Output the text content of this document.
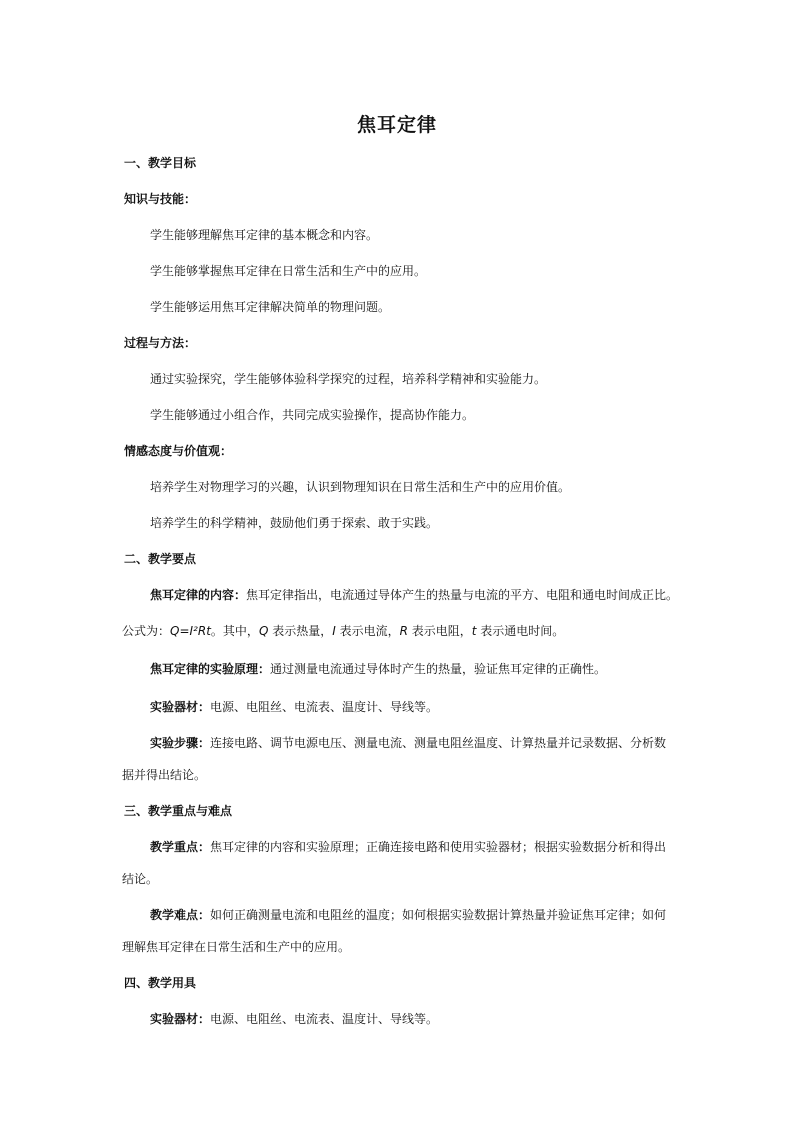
焦耳定律
一、教学目标
知识与技能：
学生能够理解焦耳定律的基本概念和内容。
学生能够掌握焦耳定律在日常生活和生产中的应用。
学生能够运用焦耳定律解决简单的物理问题。
过程与方法：
通过实验探究，学生能够体验科学探究的过程，培养科学精神和实验能力。
学生能够通过小组合作，共同完成实验操作，提高协作能力。
情感态度与价值观：
培养学生对物理学习的兴趣，认识到物理知识在日常生活和生产中的应用价值。
培养学生的科学精神，鼓励他们勇于探索、敢于实践。
二、教学要点
焦耳定律的内容：焦耳定律指出，电流通过导体产生的热量与电流的平方、电阻和通电时间成正比。
公式为：Q=I²Rt。其中，Q 表示热量，I 表示电流，R 表示电阻，t 表示通电时间。
焦耳定律的实验原理：通过测量电流通过导体时产生的热量，验证焦耳定律的正确性。
实验器材：电源、电阻丝、电流表、温度计、导线等。
实验步骤：连接电路、调节电源电压、测量电流、测量电阻丝温度、计算热量并记录数据、分析数
据并得出结论。
三、教学重点与难点
教学重点：焦耳定律的内容和实验原理；正确连接电路和使用实验器材；根据实验数据分析和得出
结论。
教学难点：如何正确测量电流和电阻丝的温度；如何根据实验数据计算热量并验证焦耳定律；如何
理解焦耳定律在日常生活和生产中的应用。
四、教学用具
实验器材：电源、电阻丝、电流表、温度计、导线等。
